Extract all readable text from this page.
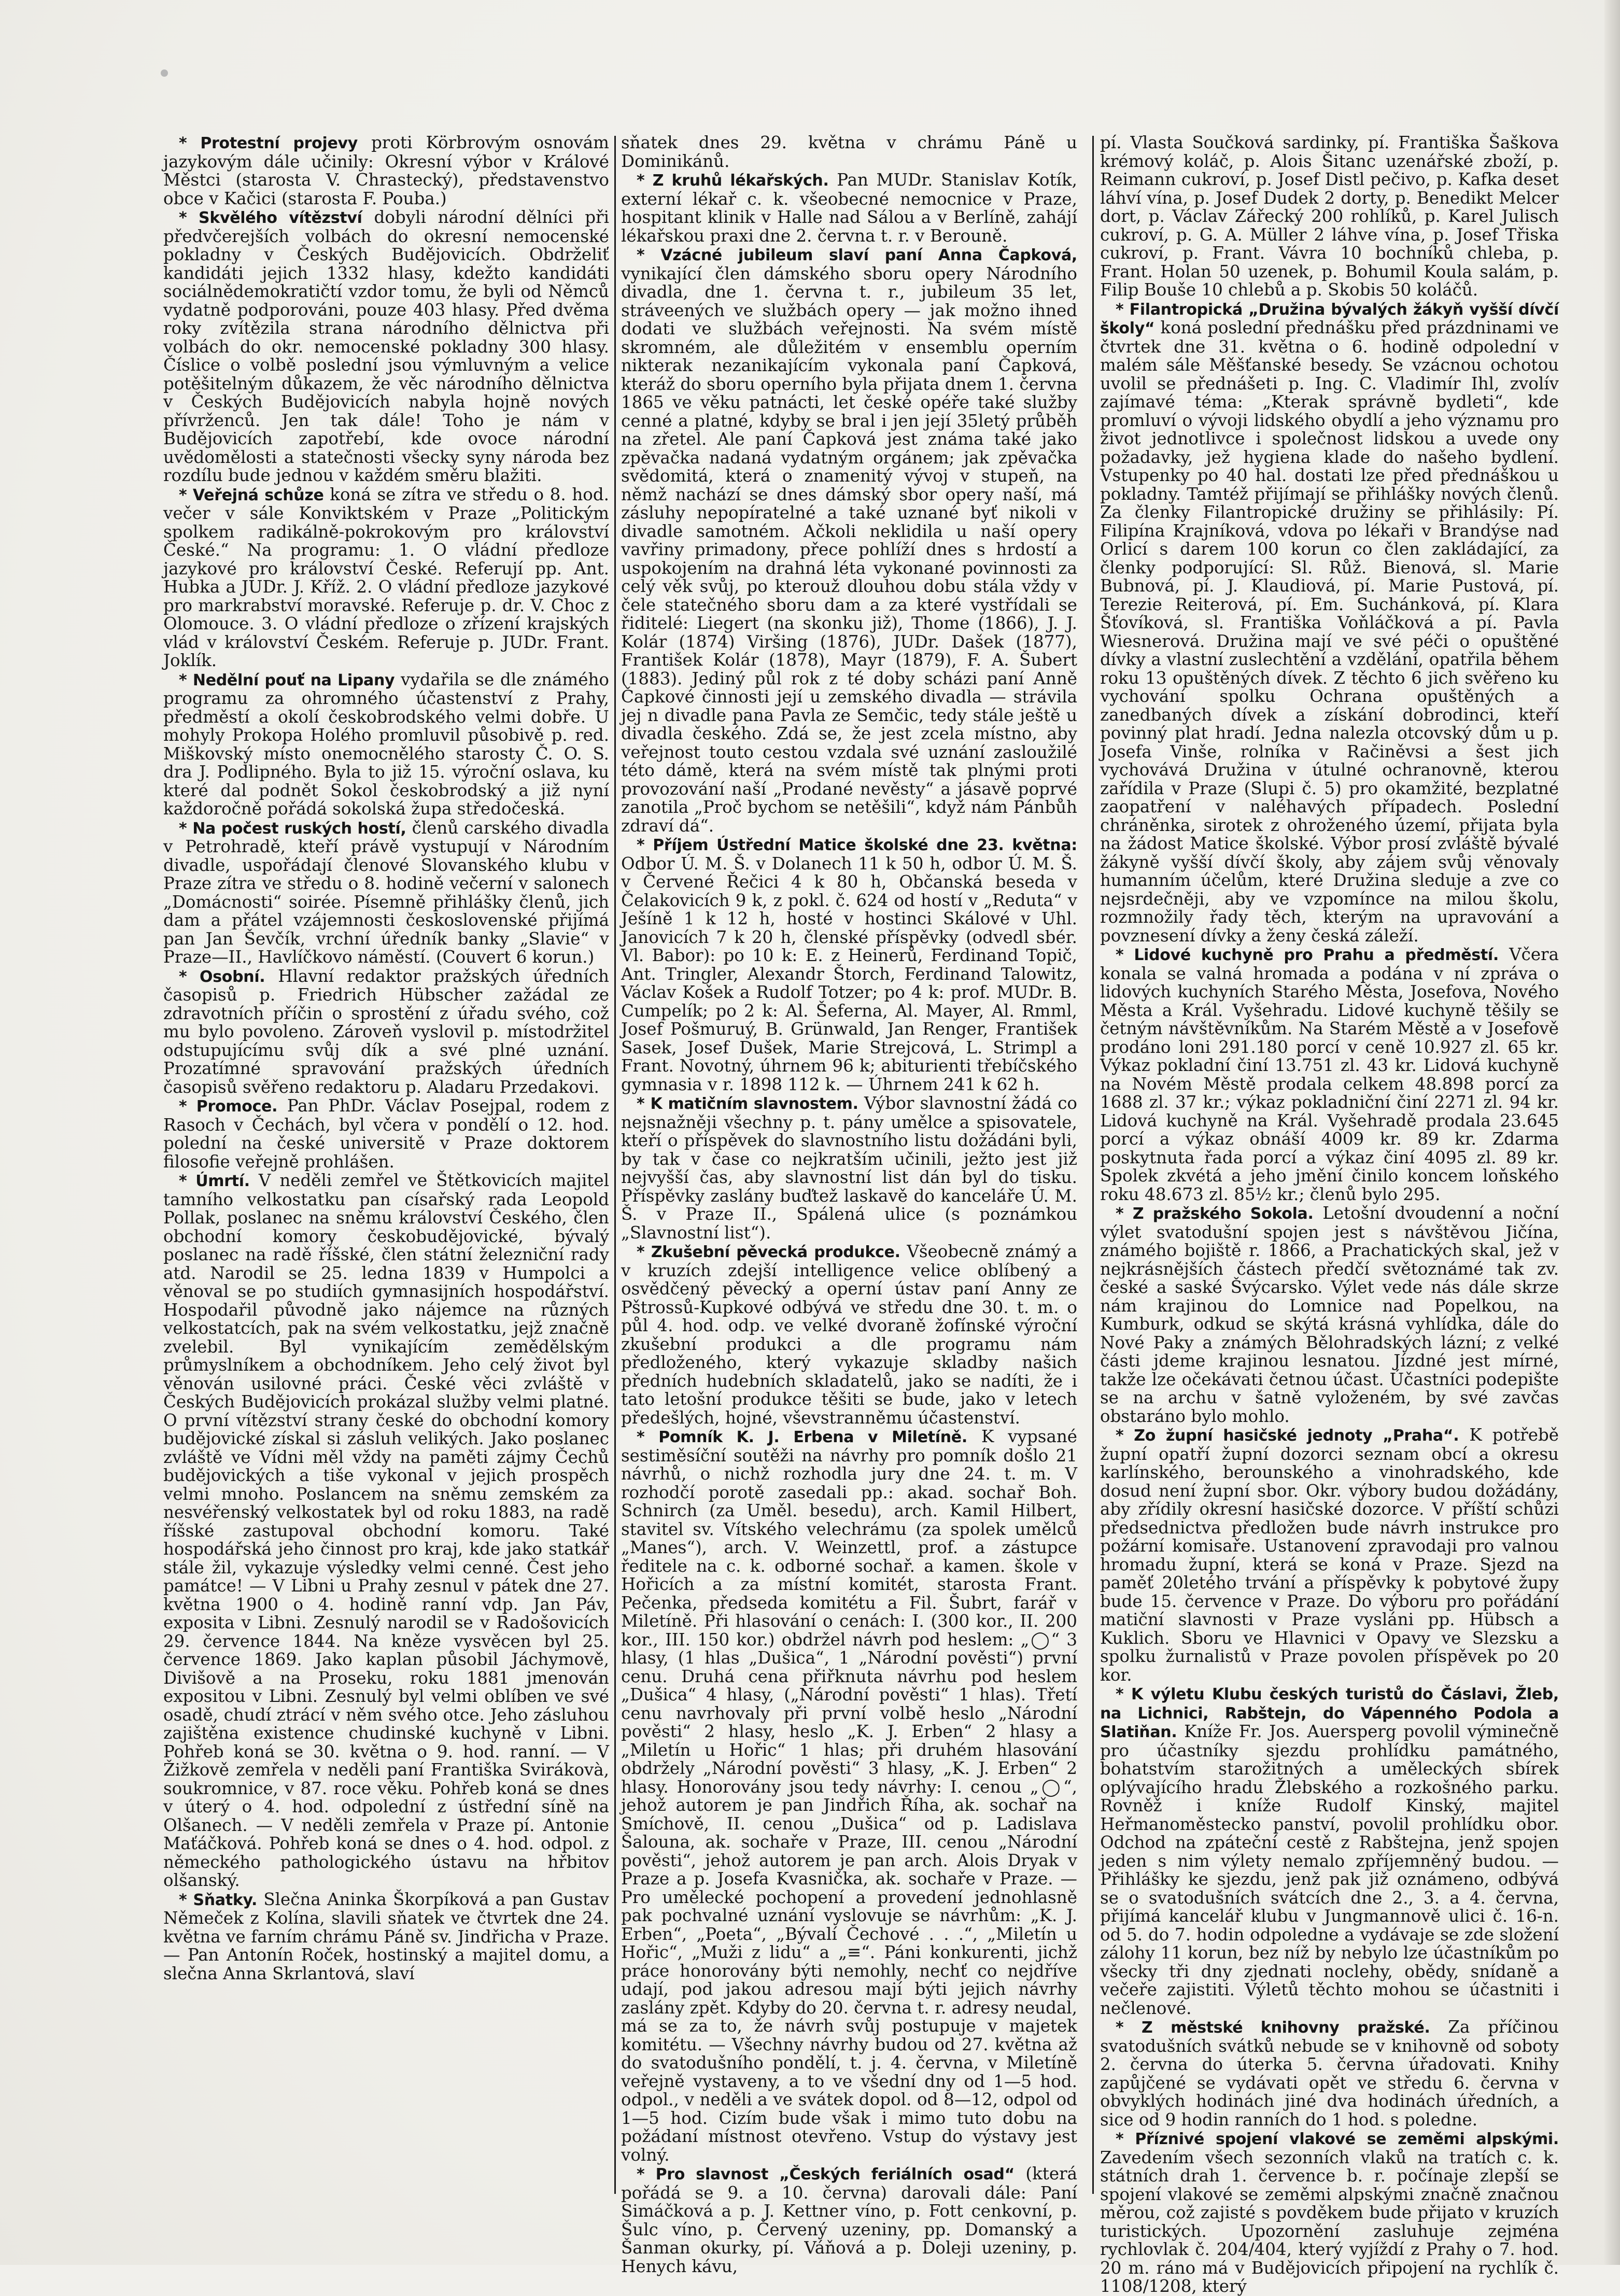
* Protestní projevy proti Körbrovým osnovám jazykovým dále učinily: Okresní výbor v Králové Městci (starosta V. Chrastecký), představenstvo obce v Kačici (starosta F. Pouba.)

* Skvělého vítězství dobyli národní dělníci při předvčerejších volbách do okresní nemocenské pokladny v Českých Budějovicích. Obdrželiť kandidáti jejich 1332 hlasy, kdežto kandidáti sociálnědemokratičtí vzdor tomu, že byli od Němců vydatně podporováni, pouze 403 hlasy. Před dvěma roky zvítězila strana národního dělnictva při volbách do okr. nemocenské pokladny 300 hlasy. Číslice o volbě poslední jsou výmluvným a velice potěšitelným důkazem, že věc národního dělnictva v Českých Budějovicích nabyla hojně nových přívrženců. Jen tak dále! Toho je nám v Budějovicích zapotřebí, kde ovoce národní uvědomělosti a statečnosti všecky syny národa bez rozdílu bude jednou v každém směru blažiti.

* Veřejná schůze koná se zítra ve středu o 8. hod. večer v sále Konviktském v Praze „Politickým spolkem radikálně-pokrokovým pro království České.“ Na programu: 1. O vládní předloze jazykové pro království České. Referují pp. Ant. Hubka a JUDr. J. Kříž. 2. O vládní předloze jazykové pro markrabství moravské. Referuje p. dr. V. Choc z Olomouce. 3. O vládní předloze o zřízení krajských vlád v království Českém. Referuje p. JUDr. Frant. Joklík.

* Nedělní pouť na Lipany vydařila se dle známého programu za ohromného účastenství z Prahy, předměstí a okolí českobrodského velmi dobře. U mohyly Prokopa Holého promluvil působivě p. red. Miškovský místo onemocnělého starosty Č. O. S. dra J. Podlipného. Byla to již 15. výroční oslava, ku které dal podnět Sokol českobrodský a již nyní každoročně pořádá sokolská župa středočeská.

* Na počest ruských hostí, členů carského divadla v Petrohradě, kteří právě vystupují v Národním divadle, uspořádají členové Slovanského klubu v Praze zítra ve středu o 8. hodině večerní v salonech „Domácnosti“ soirée. Písemně přihlášky členů, jich dam a přátel vzájemnosti československé přijímá pan Jan Ševčík, vrchní úředník banky „Slavie“ v Praze—II., Havlíčkovo náměstí. (Couvert 6 korun.)

* Osobní. Hlavní redaktor pražských úředních časopisů p. Friedrich Hübscher zažádal ze zdravotních příčin o sprostění z úřadu svého, což mu bylo povoleno. Zároveň vyslovil p. místodržitel odstupujícímu svůj dík a své plné uznání. Prozatímné spravování pražských úředních časopisů svěřeno redaktoru p. Aladaru Przedakovi.

* Promoce. Pan PhDr. Václav Posejpal, rodem z Rasoch v Čechách, byl včera v pondělí o 12. hod. polední na české universitě v Praze doktorem filosofie veřejně prohlášen.

* Úmrtí. V neděli zemřel ve Štětkovicích majitel tamního velkostatku pan císařský rada Leopold Pollak, poslanec na sněmu království Českého, člen obchodní komory českobudějovické, bývalý poslanec na radě říšské, člen státní železniční rady atd. Narodil se 25. ledna 1839 v Humpolci a věnoval se po studiích gymnasijních hospodářství. Hospodařil původně jako nájemce na různých velkostatcích, pak na svém velkostatku, jejž značně zvelebil. Byl vynikajícím zemědělským průmyslníkem a obchodníkem. Jeho celý život byl věnován usilovné práci. České věci zvláště v Českých Budějovicích prokázal služby velmi platné. O první vítězství strany české do obchodní komory budějovické získal si zásluh velikých. Jako poslanec zvláště ve Vídni měl vždy na paměti zájmy Čechů budějovických a tiše vykonal v jejich prospěch velmi mnoho. Poslancem na sněmu zemském za nesvéřenský velkostatek byl od roku 1883, na radě říšské zastupoval obchodní komoru. Také hospodářská jeho činnost pro kraj, kde jako statkář stále žil, vykazuje výsledky velmi cenné. Čest jeho památce! — V Libni u Prahy zesnul v pátek dne 27. května 1900 o 4. hodině ranní vdp. Jan Páv, exposita v Libni. Zesnulý narodil se v Radošovicích 29. července 1844. Na kněze vysvěcen byl 25. července 1869. Jako kaplan působil Jáchymově, Divišově a na Proseku, roku 1881 jmenován expositou v Libni. Zesnulý byl velmi oblíben ve své osadě, chudí ztrácí v něm svého otce. Jeho zásluhou zajištěna existence chudinské kuchyně v Libni. Pohřeb koná se 30. května o 9. hod. ranní. — V Žižkově zemřela v neděli paní Františka Svirákovà, soukromnice, v 87. roce věku. Pohřeb koná se dnes v úterý o 4. hod. odpolední z ústřední síně na Olšanech. — V neděli zemřela v Praze pí. Antonie Maťáčková. Pohřeb koná se dnes o 4. hod. odpol. z německého pathologického ústavu na hřbitov olšanský.

* Sňatky. Slečna Aninka Škorpíková a pan Gustav Němeček z Kolína, slavili sňatek ve čtvrtek dne 24. května ve farním chrámu Páně sv. Jindřicha v Praze. — Pan Antonín Roček, hostinský a majitel domu, a slečna Anna Skrlantová, slaví

sňatek dnes 29. května v chrámu Páně u Dominikánů.

* Z kruhů lékařských. Pan MUDr. Stanislav Kotík, externí lékař c. k. všeobecné nemocnice v Praze, hospitant klinik v Halle nad Sálou a v Berlíně, zahájí lékařskou praxi dne 2. června t. r. v Berouně.

* Vzácné jubileum slaví paní Anna Čapková, vynikající člen dámského sboru opery Národního divadla, dne 1. června t. r., jubileum 35 let, stráveených ve službách opery — jak možno ihned dodati ve službách veřejnosti. Na svém místě skromném, ale důležitém v ensemblu operním nikterak nezanikajícím vykonala paní Čapková, kteráž do sboru operního byla přijata dnem 1. června 1865 ve věku patnácti, let české opéře také služby cenné a platné, kdyby se bral i jen její 35letý průběh na zřetel. Ale paní Čapková jest známa také jako zpěvačka nadaná vydatným orgánem; jak zpěvačka svědomitá, která o znamenitý vývoj v stupeň, na němž nachází se dnes dámský sbor opery naší, má zásluhy nepopíratelné a také uznané byť nikoli v divadle samotném. Ačkoli neklidila u naší opery vavřiny primadony, přece pohlíží dnes s hrdostí a uspokojením na drahná léta vykonané povinnosti za celý věk svůj, po kterouž dlouhou dobu stála vždy v čele statečného sboru dam a za které vystřídali se řiditelé: Liegert (na skonku již), Thome (1866), J. J. Kolár (1874) Viršing (1876), JUDr. Dašek (1877), František Kolár (1878), Mayr (1879), F. A. Šubert (1883). Jediný půl rok z té doby scházi paní Anně Čapkové činnosti její u zemského divadla — strávila jej n divadle pana Pavla ze Semčic, tedy stále ještě u divadla českého. Zdá se, že jest zcela místno, aby veřejnost touto cestou vzdala své uznání zasloužilé této dámě, která na svém místě tak plnými proti provozování naší „Prodané nevěsty“ a jásavě poprvé zanotila „Proč bychom se netěšili“, když nám Pánbůh zdraví dá“.

* Příjem Ústřední Matice školské dne 23. května: Odbor Ú. M. Š. v Dolanech 11 k 50 h, odbor Ú. M. Š. v Červené Řečici 4 k 80 h, Občanská beseda v Čelakovicích 9 k, z pokl. č. 624 od hostí v „Reduta“ v Ješíně 1 k 12 h, hosté v hostinci Skálové v Uhl. Janovicích 7 k 20 h, členské příspěvky (odvedl sbér. Vl. Babor): po 10 k: E. z Heinerů, Ferdinand Topič, Ant. Tringler, Alexandr Štorch, Ferdinand Talowitz, Václav Košek a Rudolf Totzer; po 4 k: prof. MUDr. B. Cumpelík; po 2 k: Al. Šeferna, Al. Mayer, Al. Rmml, Josef Pošmuruý, B. Grünwald, Jan Renger, František Sasek, Josef Dušek, Marie Strejcová, L. Strimpl a Frant. Novotný, úhrnem 96 k; abiturienti třebíčského gymnasia v r. 1898 112 k. — Úhrnem 241 k 62 h.

* K matičním slavnostem. Výbor slavnostní žádá co nejsnažněji všechny p. t. pány umělce a spisovatele, kteří o příspěvek do slavnostního listu dožádáni byli, by tak v čase co nejkratším učinili, ježto jest již nejvyšší čas, aby slavnostní list dán byl do tisku. Příspěvky zaslány buďtež laskavě do kanceláře Ú. M. Š. v Praze II., Spálená ulice (s poznámkou „Slavnostní list“).

* Zkušební pěvecká produkce. Všeobecně známý a v kruzích zdejší intelligence velice oblíbený a osvědčený pěvecký a operní ústav paní Anny ze Pštrossů-Kupkové odbývá ve středu dne 30. t. m. o půl 4. hod. odp. ve velké dvoraně žofínské výroční zkušební produkci a dle programu nám předloženého, který vykazuje skladby našich předních hudebních skladatelů, jako se nadíti, že i tato letošní produkce těšiti se bude, jako v letech předešlých, hojné, vševstranněmu účastenství.

* Pomník K. J. Erbena v Miletíně. K vypsané sestiměsíční soutěži na návrhy pro pomník došlo 21 návrhů, o nichž rozhodla jury dne 24. t. m. V rozhodčí porotě zasedali pp.: akad. sochař Boh. Schnirch (za Uměl. besedu), arch. Kamil Hilbert, stavitel sv. Vítského velechrámu (za spolek umělců „Manes“), arch. V. Weinzettl, prof. a zástupce ředitele na c. k. odborné sochař. a kamen. škole v Hořicích a za místní komitét, starosta Frant. Pečenka, předseda komitétu a Fil. Šubrt, farář v Miletíně. Při hlasování o cenách: I. (300 kor., II. 200 kor., III. 150 kor.) obdržel návrh pod heslem: „◯“ 3 hlasy, (1 hlas „Dušica“, 1 „Národní pověsti“) první cenu. Druhá cena přiřknuta návrhu pod heslem „Dušica“ 4 hlasy, („Národní pověsti“ 1 hlas). Třetí cenu navrhovaly při první volbě heslo „Národní pověsti“ 2 hlasy, heslo „K. J. Erben“ 2 hlasy a „Miletín u Hořic“ 1 hlas; při druhém hlasování obdržely „Národní pověsti“ 3 hlasy, „K. J. Erben“ 2 hlasy. Honorovány jsou tedy návrhy: I. cenou „◯“, jehož autorem je pan Jindřich Říha, ak. sochař na Smíchově, II. cenou „Dušica“ od p. Ladislava Šalouna, ak. sochaře v Praze, III. cenou „Národní pověsti“, jehož autorem je pan arch. Alois Dryak v Praze a p. Josefa Kvasnička, ak. sochaře v Praze. — Pro umělecké pochopení a provedení jednohlasně pak pochvalné uznání vyslovuje se návrhům: „K. J. Erben“, „Poeta“, „Bývalí Čechové . . .“, „Miletín u Hořic“, „Muži z lidu“ a „≡“. Páni konkurenti, jichž práce honorovány býti nemohly, nechť co nejdříve udají, pod jakou adresou mají býti jejich návrhy zaslány zpět. Kdyby do 20. června t. r. adresy neudal, má se za to, že návrh svůj postupuje v majetek komitétu. — Všechny návrhy budou od 27. května až do svatodušního pondělí, t. j. 4. června, v Miletíně veřejně vystaveny, a to ve všední dny od 1—5 hod. odpol., v neděli a ve svátek dopol. od 8—12, odpol od 1—5 hod. Cizím bude však i mimo tuto dobu na požádaní místnost otevřeno. Vstup do výstavy jest volný.

* Pro slavnost „Českých feriálních osad“ (která pořádá se 9. a 10. června) darovali dále: Paní Simáčková a p. J. Kettner víno, p. Fott cenkovní, p. Šulc víno, p. Červený uzeniny, pp. Domanský a Šanman okurky, pí. Váňová a p. Doleji uzeniny, p. Henych kávu,

pí. Vlasta Součková sardinky, pí. Františka Šaškova krémový koláč, p. Alois Šitanc uzenářské zboží, p. Reimann cukroví, p. Josef Distl pečivo, p. Kafka deset láhví vína, p. Josef Dudek 2 dorty, p. Benedikt Melcer dort, p. Václav Zářecký 200 rohlíků, p. Karel Julisch cukroví, p. G. A. Müller 2 láhve vína, p. Josef Třiska cukroví, p. Frant. Vávra 10 bochníků chleba, p. Frant. Holan 50 uzenek, p. Bohumil Koula salám, p. Filip Bouše 10 chlebů a p. Skobis 50 koláčů.

* Filantropická „Družina bývalých žákyň vyšší dívčí školy“ koná poslední přednášku před prázdninami ve čtvrtek dne 31. května o 6. hodině odpolední v malém sále Měšťanské besedy. Se vzácnou ochotou uvolil se přednášeti p. Ing. C. Vladimír Ihl, zvolív zajímavé téma: „Kterak správně bydleti“, kde promluví o vývoji lidského obydlí a jeho významu pro život jednotlivce i společnost lidskou a uvede ony požadavky, jež hygiena klade do našeho bydlení. Vstupenky po 40 hal. dostati lze před přednáškou u pokladny. Tamtéž přijímají se přihlášky nových členů. Za členky Filantropické družiny se přihlásily: Pí. Filipína Krajníková, vdova po lékaři v Brandýse nad Orlicí s darem 100 korun co člen zakládající, za členky podporující: Sl. Růž. Bienová, sl. Marie Bubnová, pí. J. Klaudiová, pí. Marie Pustová, pí. Terezie Reiterová, pí. Em. Suchánková, pí. Klara Šťovíková, sl. Františka Voňláčková a pí. Pavla Wiesnerová. Družina mají ve své péči o opuštěné dívky a vlastní zuslechtění a vzdělání, opatřila během roku 13 opuštěných dívek. Z těchto 6 jich svěřeno ku vychování spolku Ochrana opuštěných a zanedbaných dívek a získání dobrodinci, kteří povinný plat hradí. Jedna nalezla otcovský dům u p. Josefa Vinše, rolníka v Račiněvsi a šest jich vychovává Družina v útulné ochranovně, kterou zařídila v Praze (Slupi č. 5) pro okamžité, bezplatné zaopatření v naléhavých případech. Poslední chráněnka, sirotek z ohroženého území, přijata byla na žádost Matice školské. Výbor prosí zvláště bývalé žákyně vyšší dívčí školy, aby zájem svůj věnovaly humanním účelům, které Družina sleduje a zve co nejsrdečněji, aby ve vzpomínce na milou školu, rozmnožily řady těch, kterým na upravování a povznesení dívky a ženy česká záleží.

* Lidové kuchyně pro Prahu a předměstí. Včera konala se valná hromada a podána v ní zpráva o lidových kuchyních Starého Města, Josefova, Nového Města a Král. Vyšehradu. Lidové kuchyně těšily se četným návštěvníkům. Na Starém Městě a v Josefově prodáno loni 291.180 porcí v ceně 10.927 zl. 65 kr. Výkaz pokladní činí 13.751 zl. 43 kr. Lidová kuchyně na Novém Městě prodala celkem 48.898 porcí za 1688 zl. 37 kr.; výkaz pokladniční činí 2271 zl. 94 kr. Lidová kuchyně na Král. Vyšehradě prodala 23.645 porcí a výkaz obnáší 4009 kr. 89 kr. Zdarma poskytnuta řada porcí a výkaz činí 4095 zl. 89 kr. Spolek zkvétá a jeho jmění činilo koncem loňského roku 48.673 zl. 85½ kr.; členů bylo 295.

* Z pražského Sokola. Letošní dvoudenní a noční výlet svatodušní spojen jest s návštěvou Jičína, známého bojiště r. 1866, a Prachatických skal, jež v nejkrásnějších částech předčí světoznámé tak zv. české a saské Švýcarsko. Výlet vede nás dále skrze nám krajinou do Lomnice nad Popelkou, na Kumburk, odkud se skýtá krásná vyhlídka, dále do Nové Paky a známých Bělohradských lázní; z velké části jdeme krajinou lesnatou. Jízdné jest mírné, takže lze očekávati četnou účast. Účastníci podepište se na archu v šatně vyloženém, by své zavčas obstaráno bylo mohlo.

* Zo župní hasičské jednoty „Praha“. K potřebě župní opatří župní dozorci seznam obcí a okresu karlínského, berounského a vinohradského, kde dosud není župní sbor. Okr. výbory budou dožádány, aby zřídily okresní hasičské dozorce. V příští schůzi předsednictva předložen bude návrh instrukce pro požární komisaře. Ustanovení zpravodaji pro valnou hromadu župní, která se koná v Praze. Sjezd na paměť 20letého trvání a příspěvky k pobytové župy bude 15. července v Praze. Do výboru pro pořádání matiční slavnosti v Praze vysláni pp. Hübsch a Kuklich. Sboru ve Hlavnici v Opavy ve Slezsku a spolku žurnalistů v Praze povolen příspěvek po 20 kor.

* K výletu Klubu českých turistů do Čáslavi, Žleb, na Lichnici, Rabštejn, do Vápenného Podola a Slatiňan. Kníže Fr. Jos. Auersperg povolil výminečně pro účastníky sjezdu prohlídku památného, bohatstvím starožitných a uměleckých sbírek oplývajícího hradu Žlebského a rozkošného parku. Rovněž i kníže Rudolf Kinský, majitel Heřmanoměstecko panství, povolil prohlídku obor. Odchod na zpáteční cestě z Rabštejna, jenž spojen jeden s nim výlety nemalo zpříjemněný budou. — Přihlášky ke sjezdu, jenž pak již oznámeno, odbývá se o svatodušních svátcích dne 2., 3. a 4. června, přijímá kancelář klubu v Jungmannově ulici č. 16-n. od 5. do 7. hodin odpoledne a vydávaje se zde složení zálohy 11 korun, bez níž by nebylo lze účastníkům po všecky tři dny zjednati noclehy, obědy, snídaně a večeře zajistiti. Výletů těchto mohou se účastniti i nečlenové.

* Z městské knihovny pražské. Za příčinou svatodušních svátků nebude se v knihovně od soboty 2. června do úterka 5. června úřadovati. Knihy zapůjčené se vydávati opět ve středu 6. června v obvyklých hodinách jiné dva hodinách úředních, a sice od 9 hodin ranních do 1 hod. s poledne.

* Příznivé spojení vlakové se zeměmi alpskými. Zavedením všech sezonních vlaků na tratích c. k. státních drah 1. července b. r. počínaje zlepší se spojení vlakové se zeměmi alpskými značně značnou měrou, což zajisté s povděkem bude přijato v kruzích turistických. Upozornění zasluhuje zejména rychlovlak č. 204/404, který vyjíždí z Prahy o 7. hod. 20 m. ráno má v Budějovicích připojení na rychlík č. 1108/1208, který
